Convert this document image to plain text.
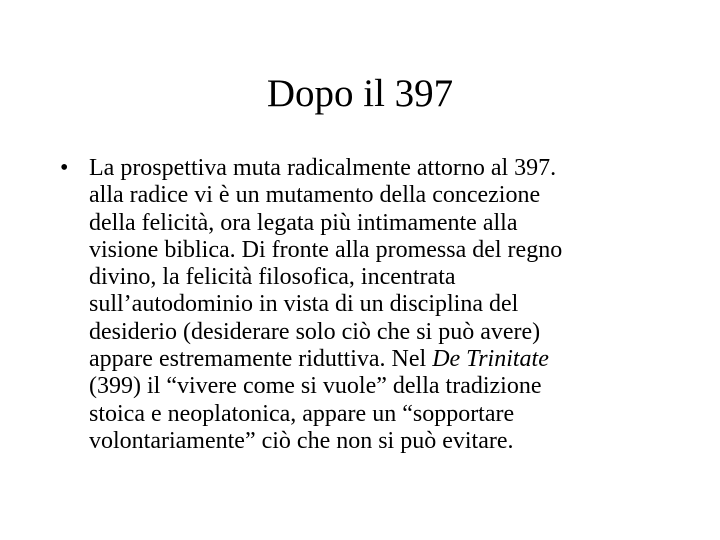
Dopo il 397
• La prospettiva muta radicalmente attorno al 397.
alla radice vi è un mutamento della concezione
della felicità, ora legata più intimamente alla
visione biblica. Di fronte alla promessa del regno
divino, la felicità filosofica, incentrata
sull’autodominio in vista di un disciplina del
desiderio (desiderare solo ciò che si può avere)
appare estremamente riduttiva. Nel De Trinitate
(399) il “vivere come si vuole” della tradizione
stoica e neoplatonica, appare un “sopportare
volontariamente” ciò che non si può evitare.
